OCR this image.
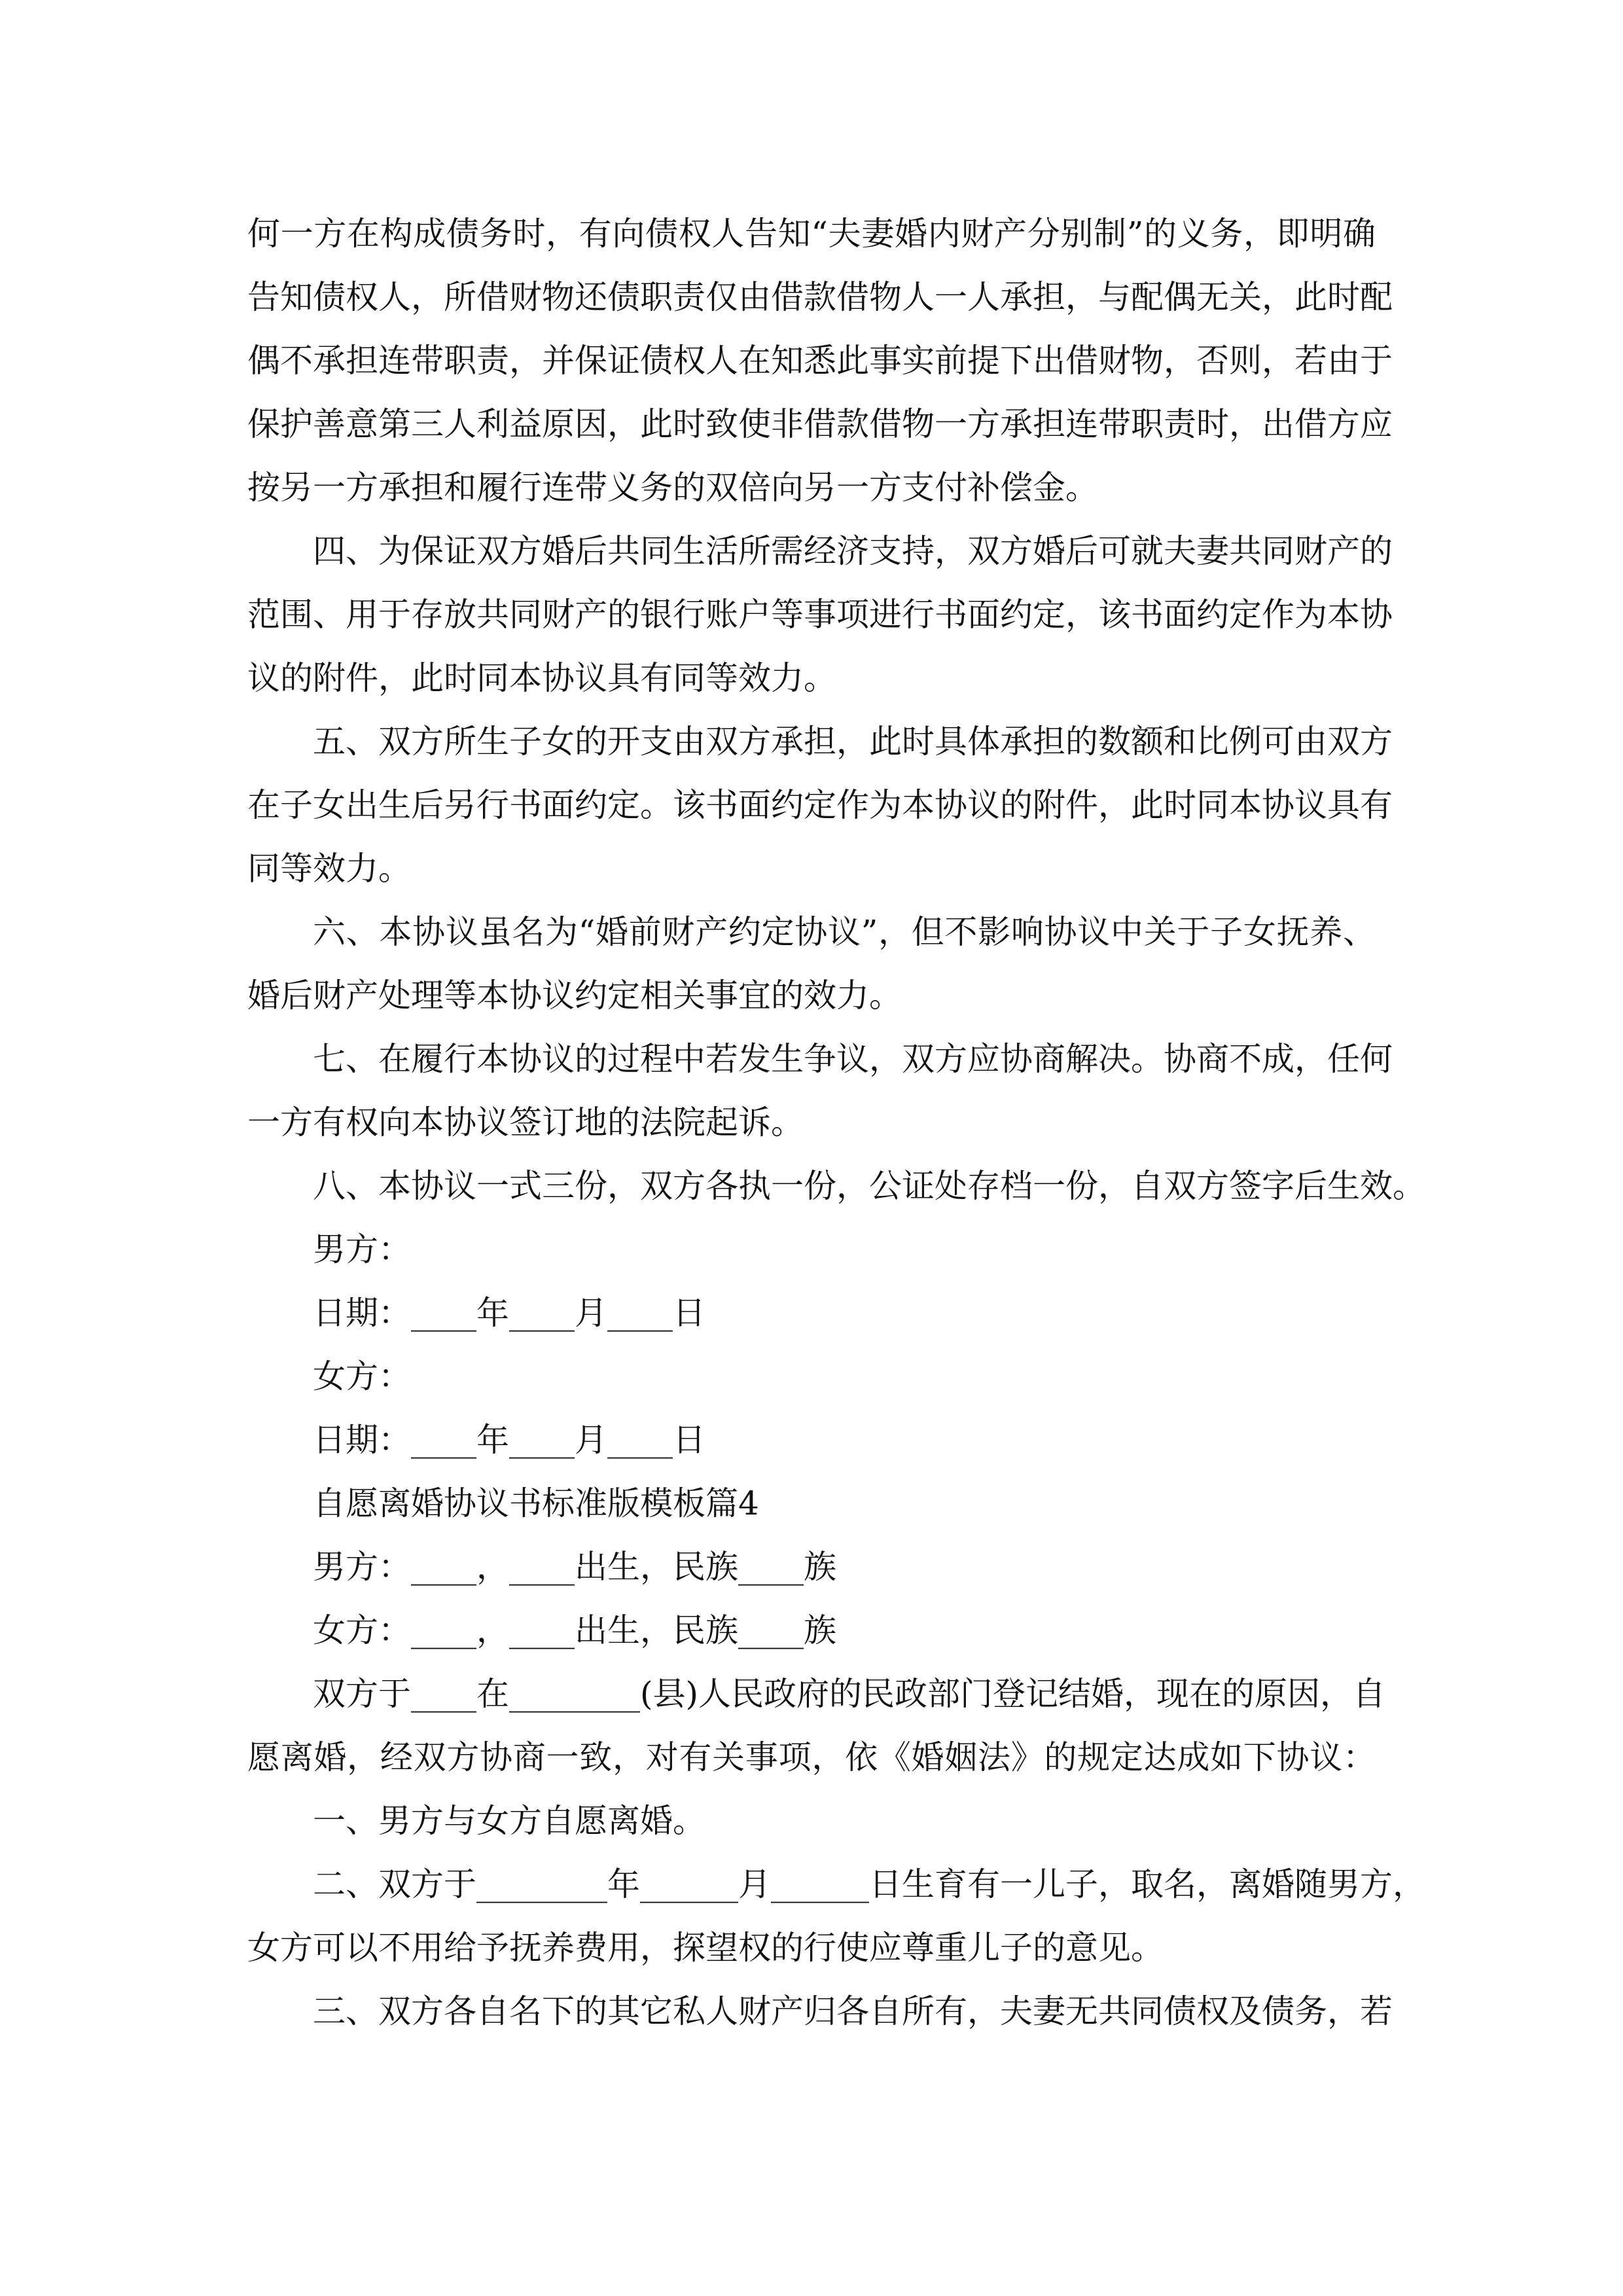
何一方在构成债务时，有向债权人告知“夫妻婚内财产分别制”的义务，即明确
告知债权人，所借财物还债职责仅由借款借物人一人承担，与配偶无关，此时配
偶不承担连带职责，并保证债权人在知悉此事实前提下出借财物，否则，若由于
保护善意第三人利益原因，此时致使非借款借物一方承担连带职责时，出借方应
按另一方承担和履行连带义务的双倍向另一方支付补偿金。
四、为保证双方婚后共同生活所需经济支持，双方婚后可就夫妻共同财产的
范围、用于存放共同财产的银行账户等事项进行书面约定，该书面约定作为本协
议的附件，此时同本协议具有同等效力。
五、双方所生子女的开支由双方承担，此时具体承担的数额和比例可由双方
在子女出生后另行书面约定。该书面约定作为本协议的附件，此时同本协议具有
同等效力。
六、本协议虽名为“婚前财产约定协议”，但不影响协议中关于子女抚养、
婚后财产处理等本协议约定相关事宜的效力。
七、在履行本协议的过程中若发生争议，双方应协商解决。协商不成，任何
一方有权向本协议签订地的法院起诉。
八、本协议一式三份，双方各执一份，公证处存档一份，自双方签字后生效。
男方：
日期：____年____月____日
女方：
日期：____年____月____日
自愿离婚协议书标准版模板篇4
男方：____，____出生，民族____族
女方：____，____出生，民族____族
双方于____在________(县)人民政府的民政部门登记结婚，现在的原因，自
愿离婚，经双方协商一致，对有关事项，依《婚姻法》的规定达成如下协议：
一、男方与女方自愿离婚。
二、双方于________年______月______日生育有一儿子，取名，离婚随男方，
女方可以不用给予抚养费用，探望权的行使应尊重儿子的意见。
三、双方各自名下的其它私人财产归各自所有，夫妻无共同债权及债务，若
